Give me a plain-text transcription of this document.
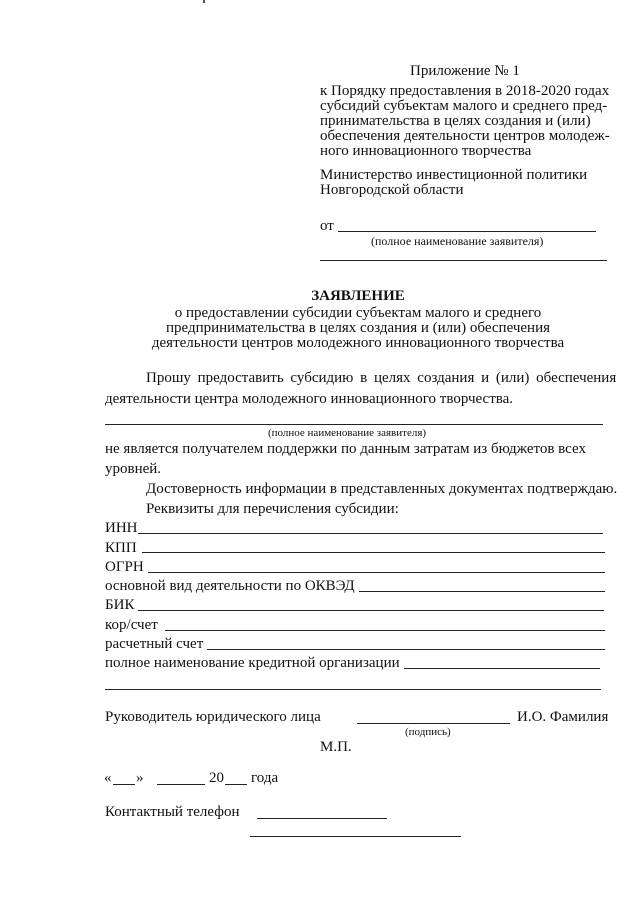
Приложение № 1
к Порядку предоставления в 2018-2020 годах
субсидий субъектам малого и среднего пред-
принимательства в целях создания и (или)
обеспечения деятельности центров молодеж-
ного инновационного творчества
Министерство инвестиционной политики
Новгородской области
от
(полное наименование заявителя)
ЗАЯВЛЕНИЕ
о предоставлении субсидии субъектам малого и среднего
предпринимательства в целях создания и (или) обеспечения
деятельности центров молодежного инновационного творчества
Прошу предоставить субсидию в целях создания и (или) обеспечения
деятельности центра молодежного инновационного творчества.
(полное наименование заявителя)
не является получателем поддержки по данным затратам из бюджетов всех
уровней.
Достоверность информации в представленных документах подтверждаю.
Реквизиты для перечисления субсидии:
ИНН
КПП
ОГРН
основной вид деятельности по ОКВЭД
БИК
кор/счет
расчетный счет
полное наименование кредитной организации
Руководитель юридического лица	И.О. Фамилия
(подпись)
М.П.
« »	20 года
Контактный телефон
